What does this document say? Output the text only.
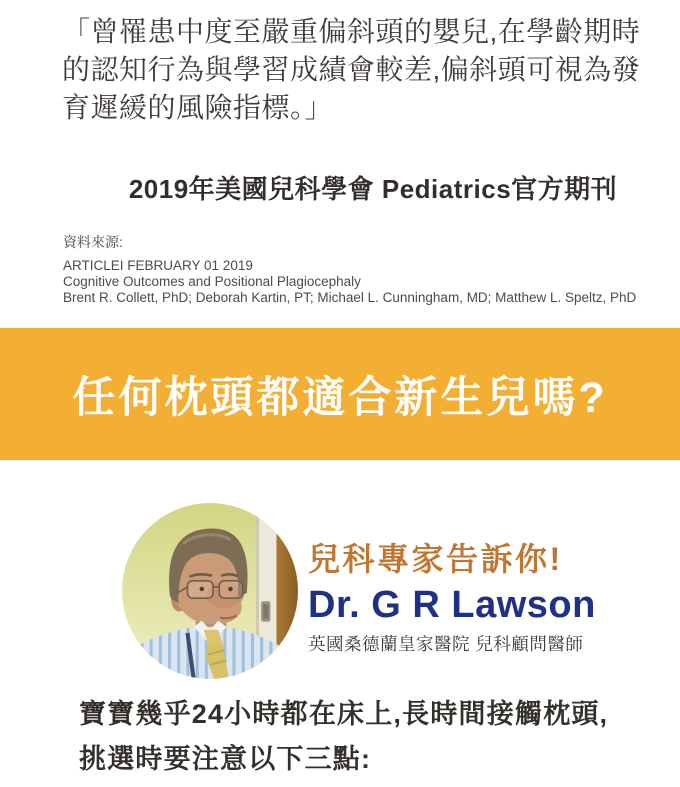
「曾罹患中度至嚴重偏斜頭的嬰兒,在學齡期時
的認知行為與學習成績會較差,偏斜頭可視為發
育遲緩的風險指標。」
2019年美國兒科學會 Pediatrics官方期刊

資料來源:

ARTICLEI FEBRUARY 01 2019

Cognitive Outcomes and Positional Plagiocephaly

Brent R. Collett, PhD; Deborah Kartin, PT; Michael L. Cunningham, MD; Matthew L. Speltz, PhD

任何枕頭都適合新生兒嗎?

兒科專家告訴你!

Dr. G R Lawson

英國桑德蘭皇家醫院 兒科顧問醫師

寶寶幾乎24小時都在床上,長時間接觸枕頭,
挑選時要注意以下三點:
